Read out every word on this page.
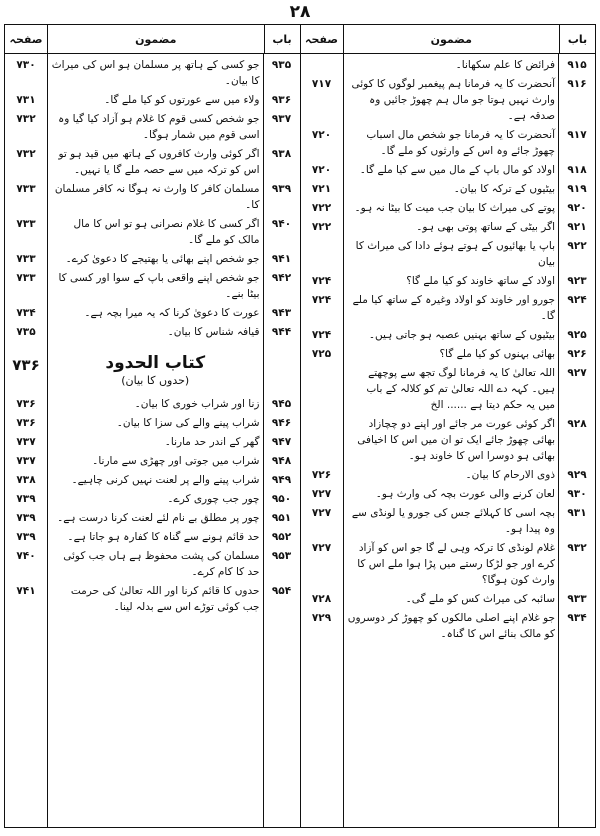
۲۸
باب
مضمون
صفحہ
۹۱۵
فرائض کا علم سکھانا۔
۹۱۶
آنحضرت کا یہ فرمانا ہم پیغمبر لوگوں کا کوئی وارث نہیں ہوتا جو مال ہم چھوڑ جائیں وہ صدقہ ہے۔
۷۱۷
۹۱۷
آنحضرت کا یہ فرمانا جو شخص مال اسباب چھوڑ جائے وہ اس کے وارثوں کو ملے گا۔
۷۲۰
۹۱۸
اولاد کو مال باپ کے مال میں سے کیا ملے گا۔
۷۲۰
۹۱۹
بیٹیوں کے ترکہ کا بیان۔
۷۲۱
۹۲۰
پوتے کی میراث کا بیان جب میت کا بیٹا نہ ہو۔
۷۲۲
۹۲۱
اگر بیٹی کے ساتھ پوتی بھی ہو۔
۷۲۲
۹۲۲
باپ یا بھائیوں کے ہوتے ہوئے دادا کی میراث کا بیان
۹۲۳
اولاد کے ساتھ خاوند کو کیا ملے گا؟
۷۲۴
۹۲۴
جورو اور خاوند کو اولاد وغیرہ کے ساتھ کیا ملے گا۔
۷۲۴
۹۲۵
بیٹیوں کے ساتھ بہنیں عصبہ ہو جاتی ہیں۔
۷۲۴
۹۲۶
بھائی بہنوں کو کیا ملے گا؟
۷۲۵
۹۲۷
اللہ تعالیٰ کا یہ فرمانا لوگ تجھ سے پوچھتے ہیں۔ کہہ دے اللہ تعالیٰ تم کو کلالہ کے باب میں یہ حکم دیتا ہے ...... الخ
۹۲۸
اگر کوئی عورت مر جائے اور اپنے دو چچازاد بھائی چھوڑ جائے ایک تو ان میں اس کا اخیافی بھائی ہو دوسرا اس کا خاوند ہو۔
۹۲۹
ذوی الارحام کا بیان۔
۷۲۶
۹۳۰
لعان کرنے والی عورت بچہ کی وارث ہو۔
۷۲۷
۹۳۱
بچہ اسی کا کہلائے جس کی جورو یا لونڈی سے وہ پیدا ہو۔
۷۲۷
۹۳۲
غلام لونڈی کا ترکہ وہی لے گا جو اس کو آزاد کرے اور جو لڑکا رستے میں پڑا ہوا ملے اس کا وارث کون ہوگا؟
۷۲۷
۹۳۳
سائبہ کی میراث کس کو ملے گی۔
۷۲۸
۹۳۴
جو غلام اپنے اصلی مالکوں کو چھوڑ کر دوسروں کو مالک بنائے اس کا گناہ۔
۷۲۹
باب
مضمون
صفحہ
۹۳۵
جو کسی کے ہاتھ پر مسلمان ہو اس کی میراث کا بیان۔
۷۳۰
۹۳۶
ولاء میں سے عورتوں کو کیا ملے گا۔
۷۳۱
۹۳۷
جو شخص کسی قوم کا غلام ہو آزاد کیا گیا وہ اسی قوم میں شمار ہوگا۔
۷۳۲
۹۳۸
اگر کوئی وارث کافروں کے ہاتھ میں قید ہو تو اس کو ترکہ میں سے حصہ ملے گا یا نہیں۔
۷۳۲
۹۳۹
مسلمان کافر کا وارث نہ ہوگا نہ کافر مسلمان کا۔
۷۳۳
۹۴۰
اگر کسی کا غلام نصرانی ہو تو اس کا مال مالک کو ملے گا۔
۷۳۳
۹۴۱
جو شخص اپنے بھائی یا بھتیجے کا دعویٰ کرے۔
۷۳۳
۹۴۲
جو شخص اپنے واقعی باپ کے سوا اور کسی کا بیٹا بنے۔
۷۳۳
۹۴۳
عورت کا دعویٰ کرنا کہ یہ میرا بچہ ہے۔
۷۳۴
۹۴۴
قیافہ شناس کا بیان۔
۷۳۵
کتاب الحدود
(حدوں کا بیان)
۷۳۶
۹۴۵
زنا اور شراب خوری کا بیان۔
۷۳۶
۹۴۶
شراب پینے والے کی سزا کا بیان۔
۷۳۶
۹۴۷
گھر کے اندر حد مارنا۔
۷۳۷
۹۴۸
شراب میں جوتی اور چھڑی سے مارنا۔
۷۳۷
۹۴۹
شراب پینے والے پر لعنت نہیں کرنی چاہیے۔
۷۳۸
۹۵۰
چور جب چوری کرے۔
۷۳۹
۹۵۱
چور پر مطلق بے نام لئے لعنت کرنا درست ہے۔
۷۳۹
۹۵۲
حد قائم ہونے سے گناہ کا کفارہ ہو جاتا ہے۔
۷۳۹
۹۵۳
مسلمان کی پشت محفوظ ہے ہاں جب کوئی حد کا کام کرے۔
۷۴۰
۹۵۴
حدوں کا قائم کرنا اور اللہ تعالیٰ کی حرمت جب کوئی توڑے اس سے بدلہ لینا۔
۷۴۱
